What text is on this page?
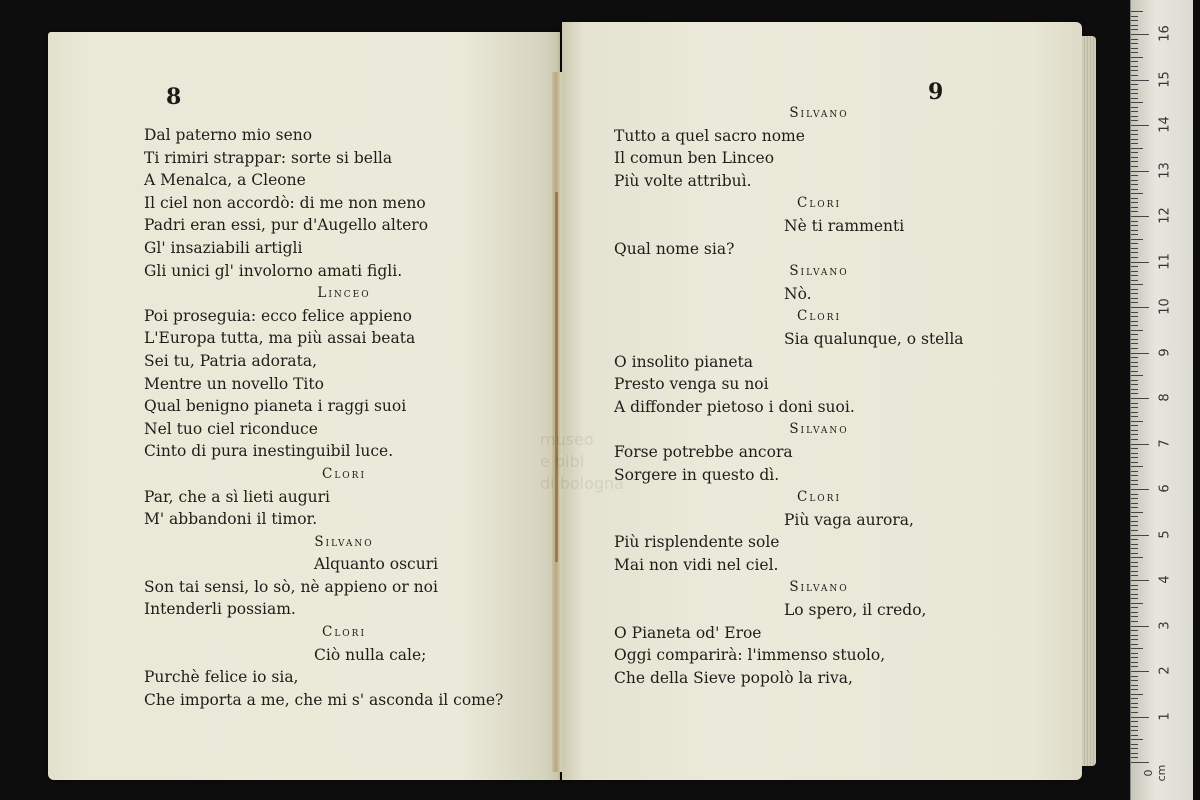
8
Dal paterno mio seno
Ti rimiri strappar: sorte si bella
A Menalca, a Cleone
Il ciel non accordò: di me non meno
Padri eran essi, pur d'Augello altero
Gl' insaziabili artigli
Gli unici gl' involorno amati figli.
Linceo
Poi proseguia: ecco felice appieno
L'Europa tutta, ma più assai beata
Sei tu, Patria adorata,
Mentre un novello Tito
Qual benigno pianeta i raggi suoi
Nel tuo ciel riconduce
Cinto di pura inestinguibil luce.
Clori
Par, che a sì lieti auguri
M' abbandoni il timor.
Silvano
Alquanto oscuri
Son tai sensi, lo sò, nè appieno or noi
Intenderli possiam.
Clori
Ciò nulla cale;
Purchè felice io sia,
Che importa a me, che mi s' asconda il come?
9
Silvano
Tutto a quel sacro nome
Il comun ben Linceo
Più volte attribuì.
Clori
Nè ti rammenti
Qual nome sia?
Silvano
Nò.
Clori
Sia qualunque, o stella
O insolito pianeta
Presto venga su noi
A diffonder pietoso i doni suoi.
Silvano
Forse potrebbe ancora
Sorgere in questo dì.
Clori
Più vaga aurora,
Più risplendente sole
Mai non vidi nel ciel.
Silvano
Lo spero, il credo,
O Pianeta od' Eroe
Oggi comparirà: l'immenso stuolo,
Che della Sieve popolò la riva,
museo
e bibl
di bologna
0 cm
1
2
3
4
5
6
7
8
9
10
11
12
13
14
15
16
